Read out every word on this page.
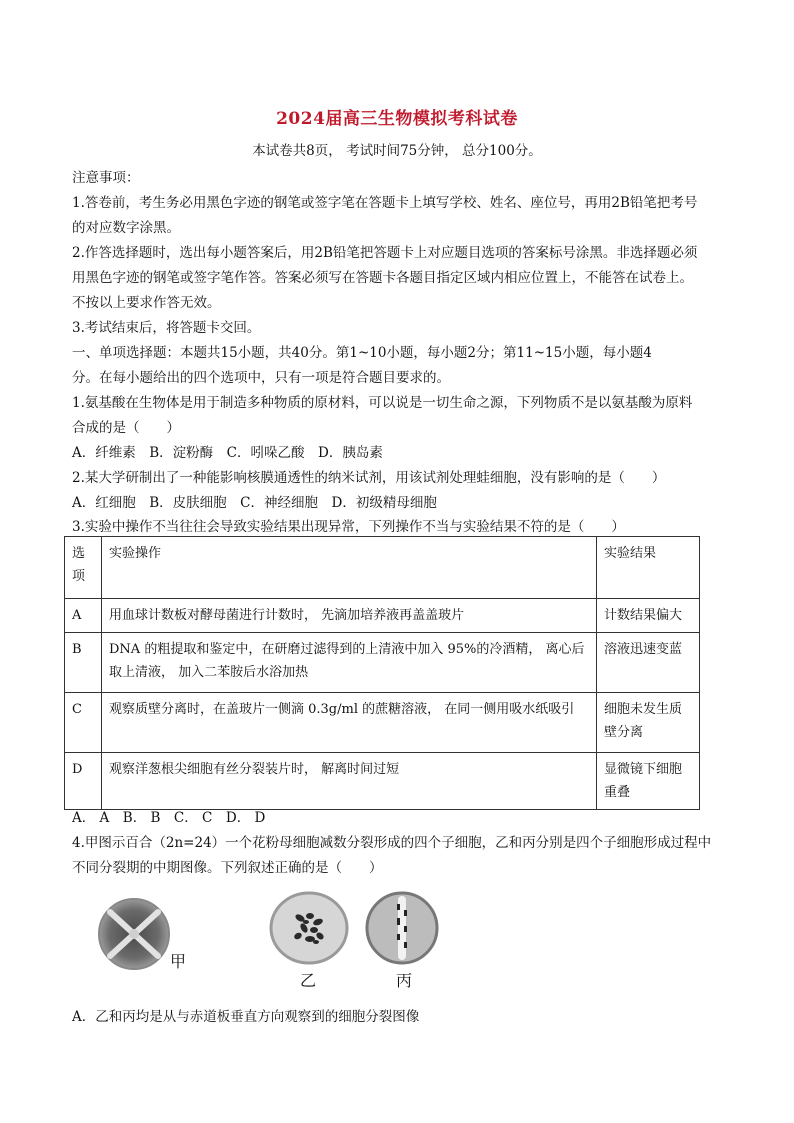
2024届高三生物模拟考科试卷
本试卷共8页， 考试时间75分钟， 总分100分。
注意事项：
1.答卷前，考生务必用黑色字迹的钢笔或签字笔在答题卡上填写学校、姓名、座位号，再用2B铅笔把考号
的对应数字涂黑。
2.作答选择题时，选出每小题答案后，用2B铅笔把答题卡上对应题目选项的答案标号涂黑。非选择题必须
用黑色字迹的钢笔或签字笔作答。答案必须写在答题卡各题目指定区域内相应位置上，不能答在试卷上。
不按以上要求作答无效。
3.考试结束后，将答题卡交回。
一、单项选择题：本题共15小题，共40分。第1~10小题，每小题2分；第11~15小题，每小题4
分。在每小题给出的四个选项中，只有一项是符合题目要求的。
1.氨基酸在生物体是用于制造多种物质的原材料，可以说是一切生命之源，下列物质不是以氨基酸为原料
合成的是（　　）
A．纤维素　B．淀粉酶　C．吲哚乙酸　D．胰岛素
2.某大学研制出了一种能影响核膜通透性的纳米试剂，用该试剂处理蛙细胞，没有影响的是（　　）
A．红细胞　B．皮肤细胞　C．神经细胞　D．初级精母细胞
3.实验中操作不当往往会导致实验结果出现异常，下列操作不当与实验结果不符的是（　　）
选项	实验操作	实验结果
A	用血球计数板对酵母菌进行计数时， 先滴加培养液再盖盖玻片	计数结果偏大
B	DNA 的粗提取和鉴定中，在研磨过滤得到的上清液中加入 95%的冷酒精， 离心后取上清液， 加入二苯胺后水浴加热	溶液迅速变蓝
C	观察质壁分离时，在盖玻片一侧滴 0.3g/ml 的蔗糖溶液， 在同一侧用吸水纸吸引	细胞未发生质壁分离
D	观察洋葱根尖细胞有丝分裂装片时， 解离时间过短	显微镜下细胞重叠
A． A　B． B　C． C　D． D
4.甲图示百合（2n=24）一个花粉母细胞减数分裂形成的四个子细胞，乙和丙分别是四个子细胞形成过程中
不同分裂期的中期图像。下列叙述正确的是（　　）
甲
乙	丙
A．乙和丙均是从与赤道板垂直方向观察到的细胞分裂图像
